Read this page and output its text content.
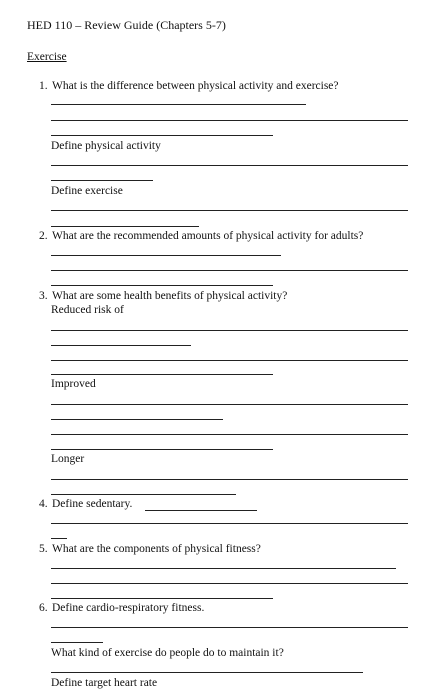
HED 110 – Review Guide (Chapters 5-7)
Exercise
1. What is the difference between physical activity and exercise?
Define physical activity
Define exercise
2. What are the recommended amounts of physical activity for adults?
3. What are some health benefits of physical activity?
Reduced risk of
Improved
Longer
4. Define sedentary.
5. What are the components of physical fitness?
6. Define cardio-respiratory fitness.
What kind of exercise do people do to maintain it?
Define target heart rate
